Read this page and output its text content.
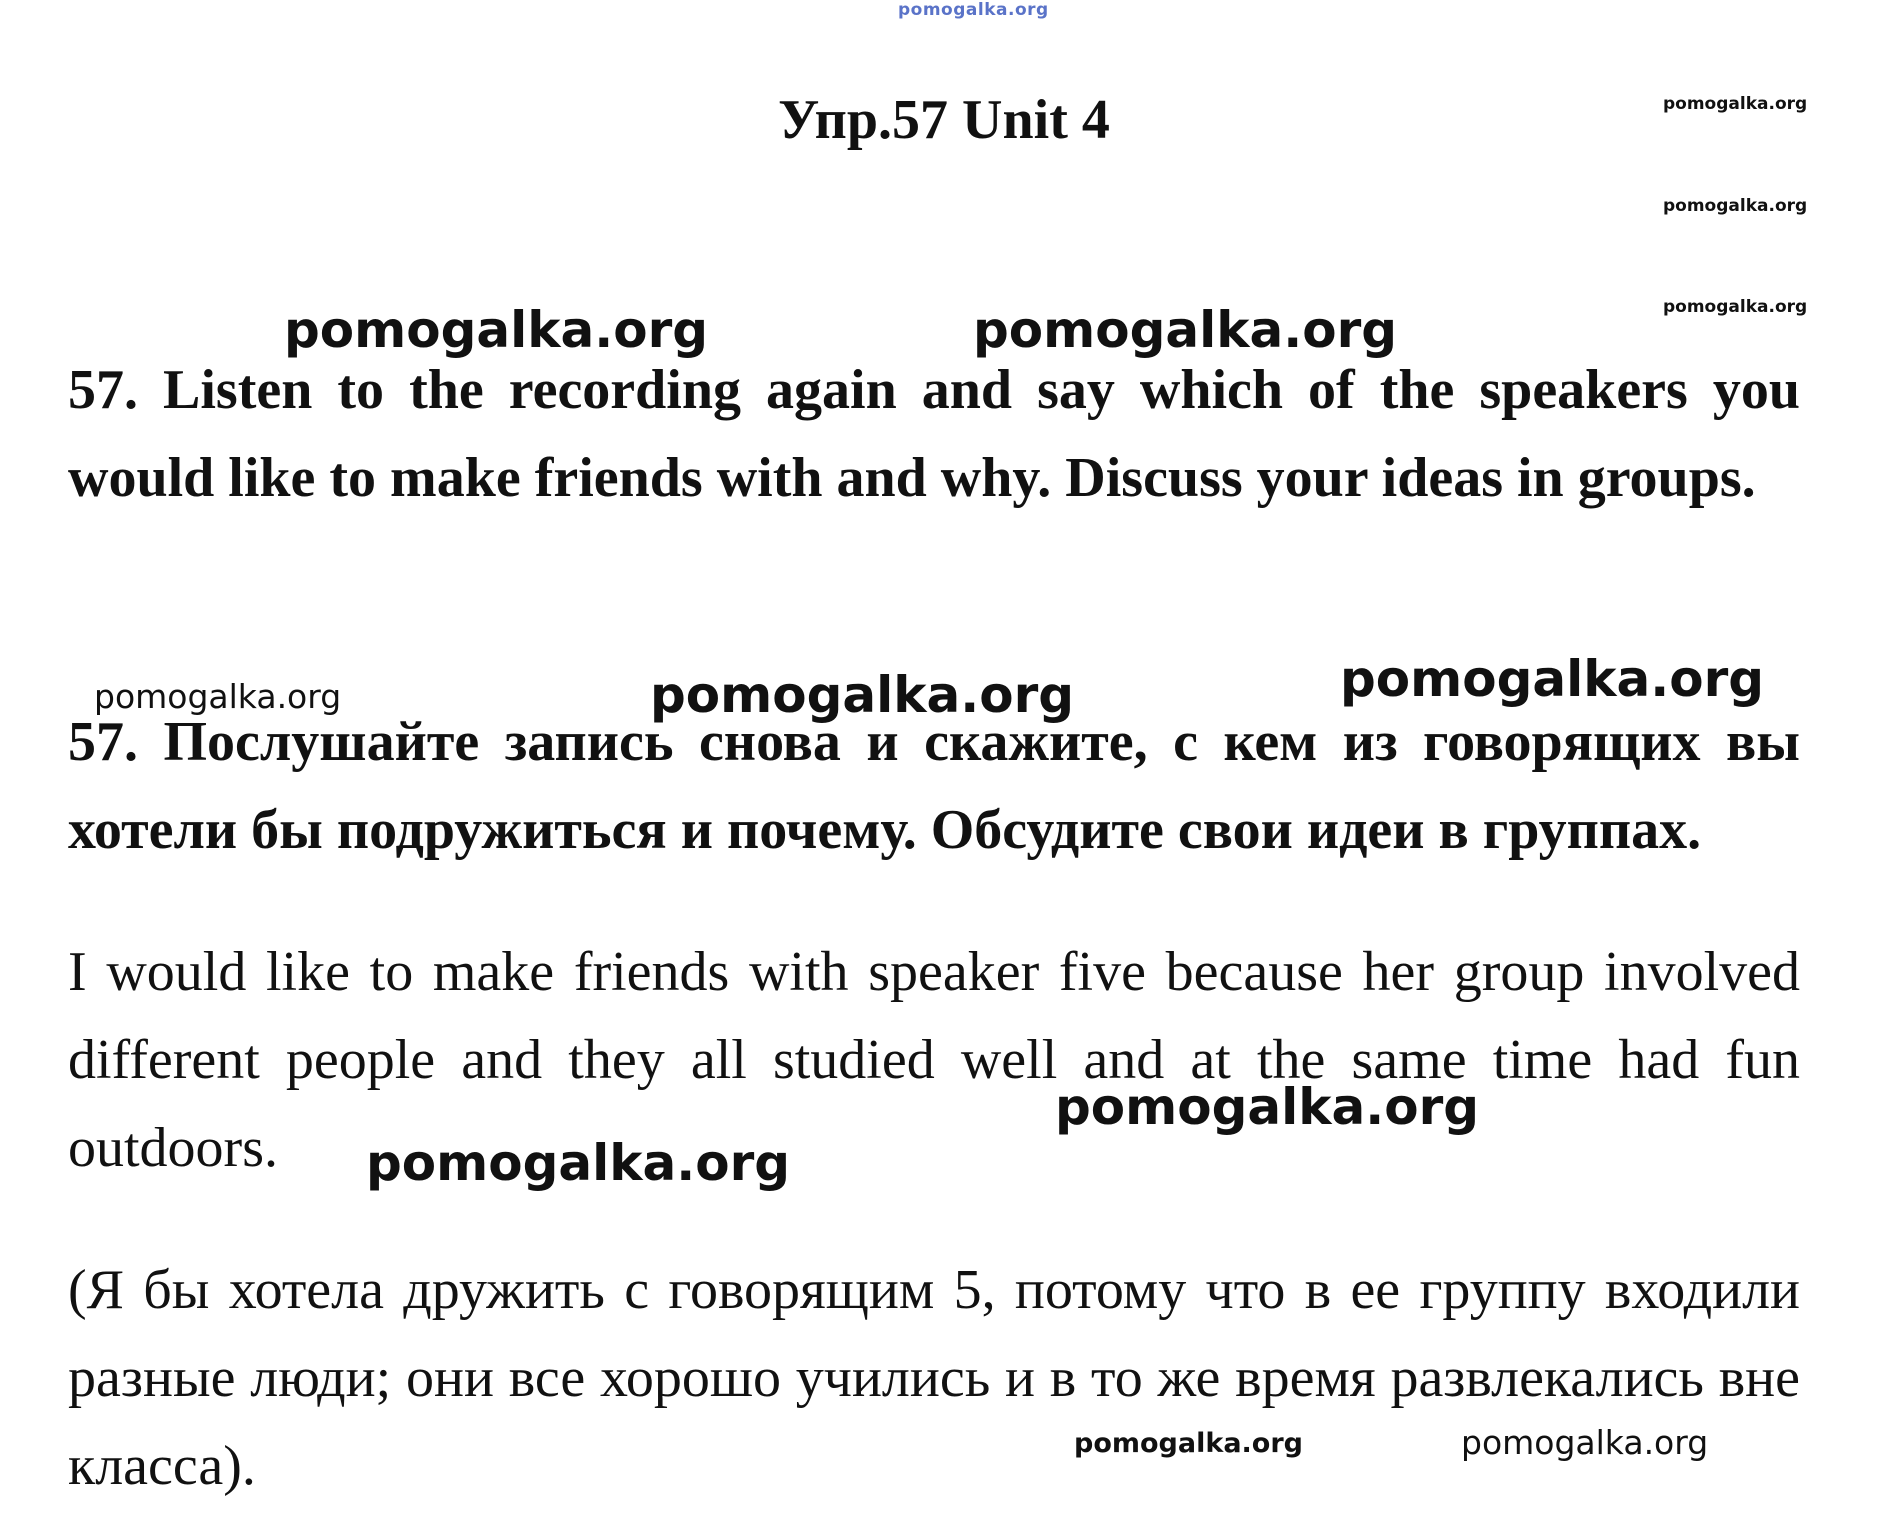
pomogalka.org
pomogalka.org
pomogalka.org
pomogalka.org
pomogalka.org	pomogalka.org
pomogalka.org	pomogalka.org	pomogalka.org
pomogalka.org
pomogalka.org
pomogalka.org	pomogalka.org
Упр.57 Unit 4

57. Listen to the recording again and say which of the speakers you would like to make friends with and why. Discuss your ideas in groups.

57. Послушайте запись снова и скажите, с кем из говорящих вы хотели бы подружиться и почему. Обсудите свои идеи в группах.

I would like to make friends with speaker five because her group involved different people and they all studied well and at the same time had fun outdoors.

(Я бы хотела дружить с говорящим 5, потому что в ее группу входили разные люди; они все хорошо учились и в то же время развлекались вне класса).
